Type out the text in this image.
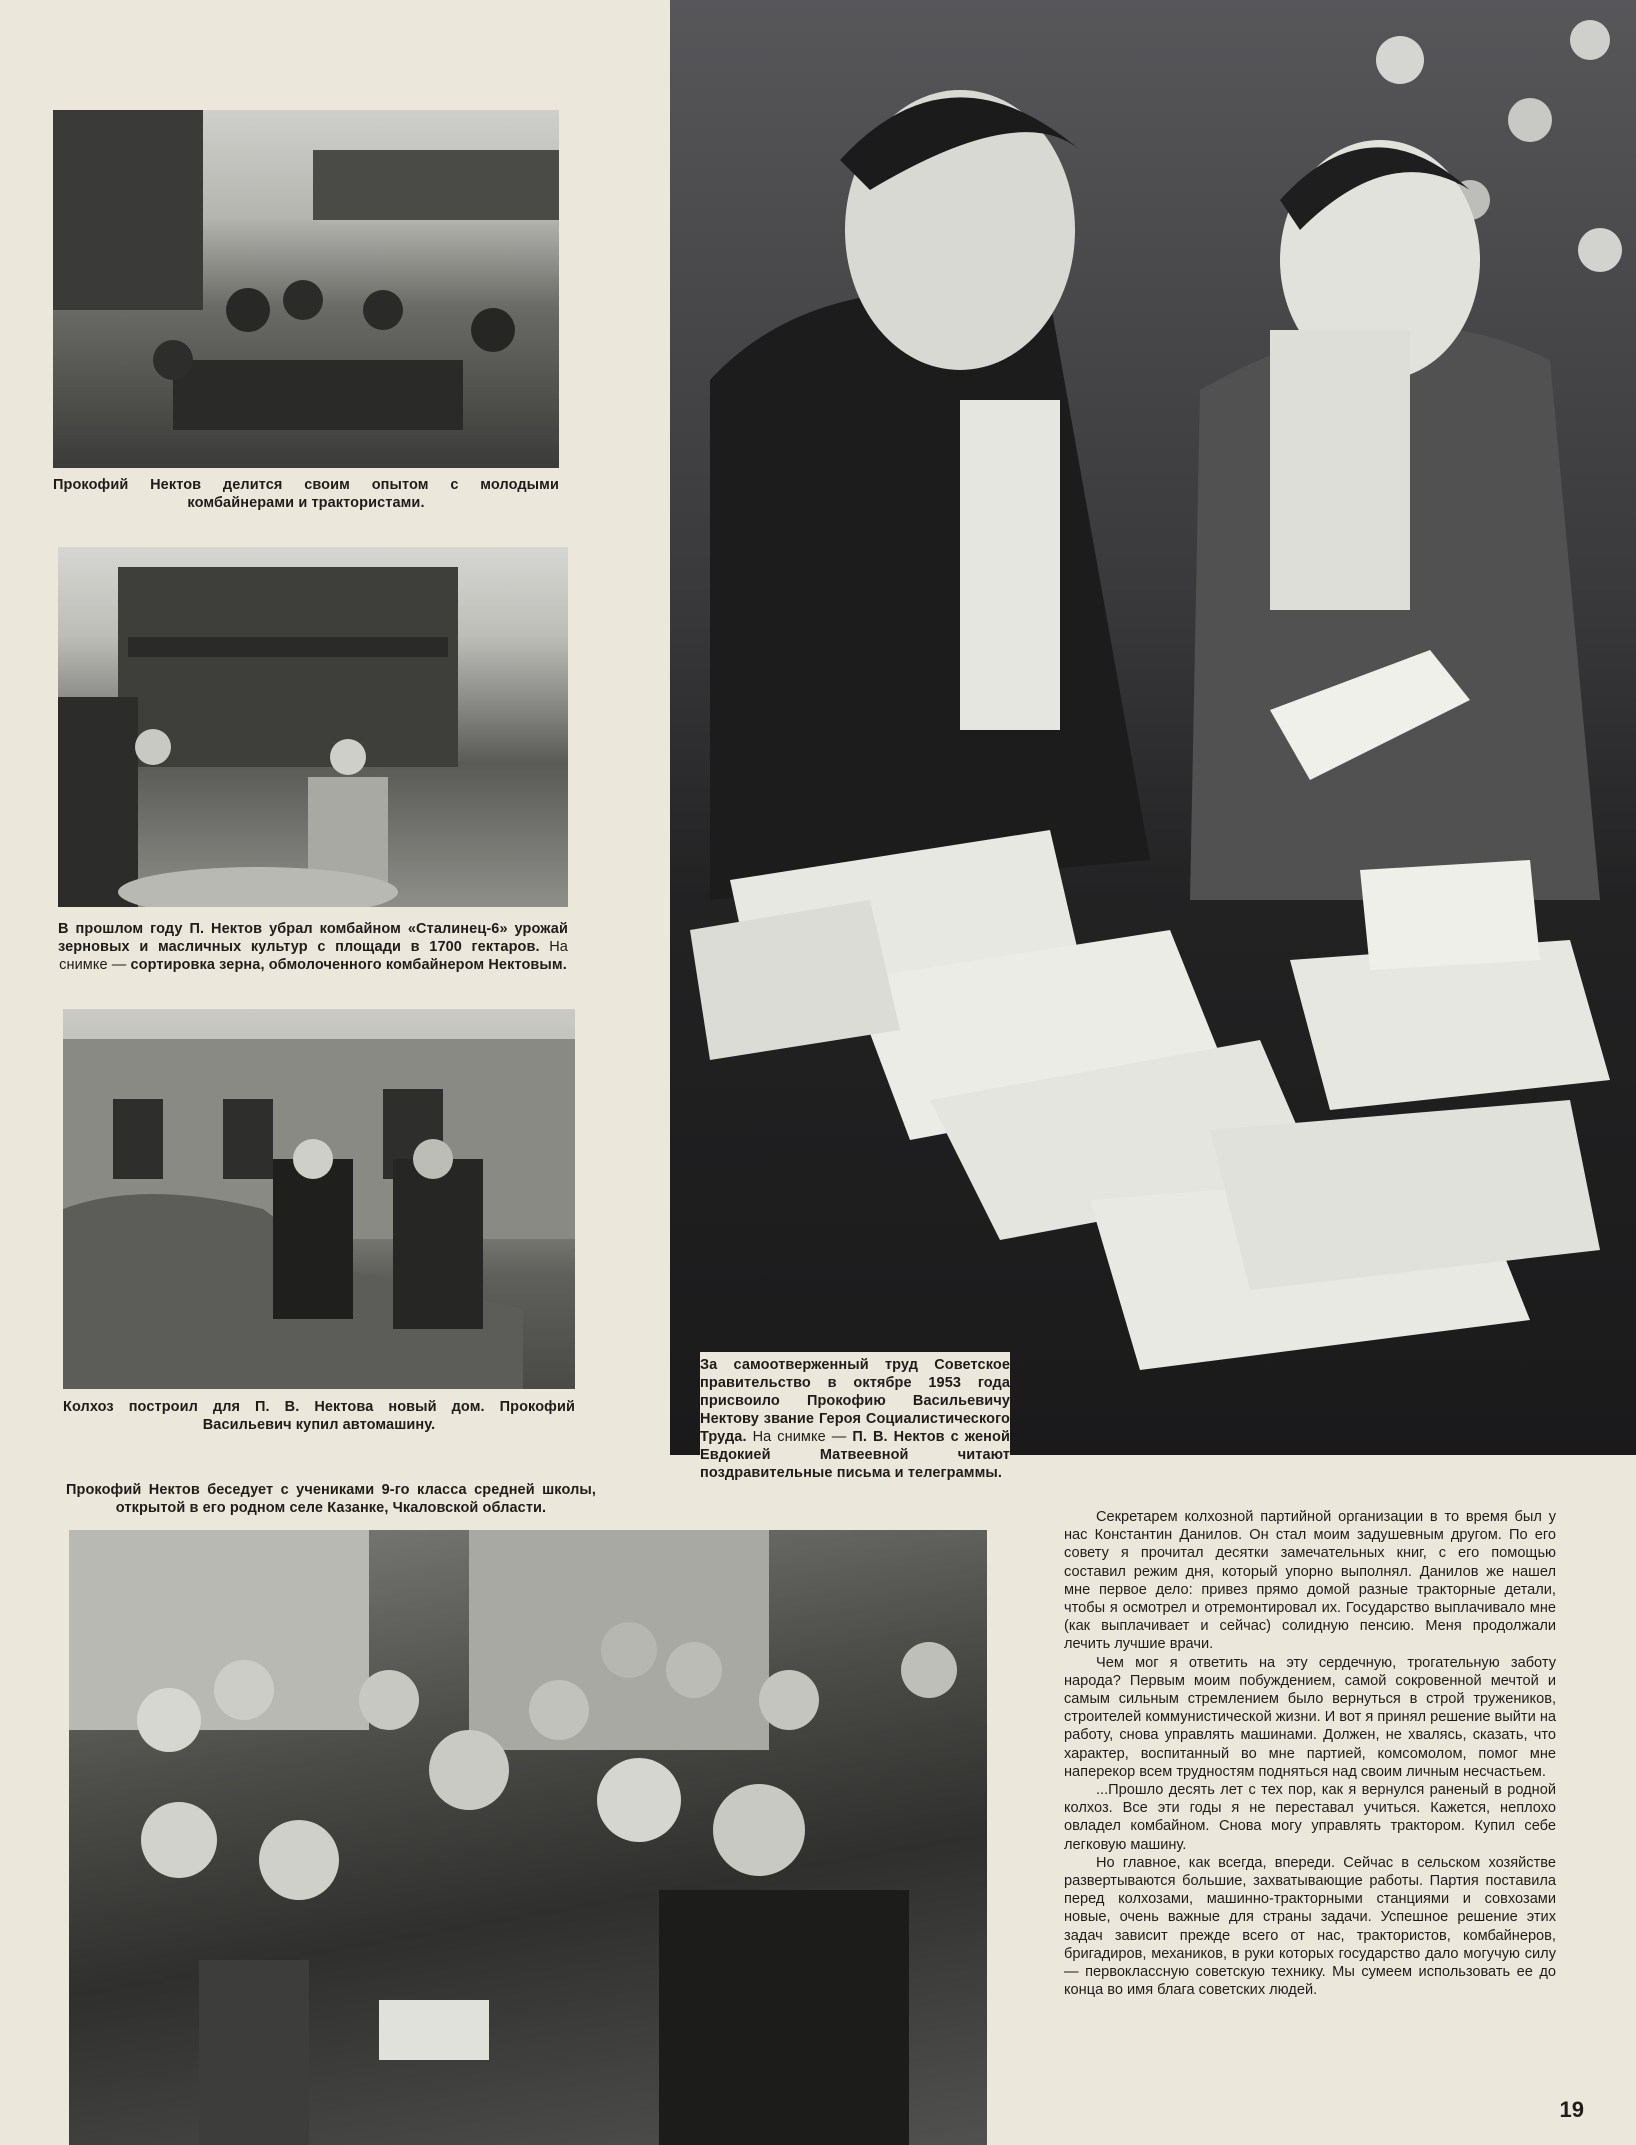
Прокофий Нектов делится своим опытом с молодыми комбайнерами и трактористами.
В прошлом году П. Нектов убрал комбайном «Сталинец-6» урожай зерновых и масличных культур с площади в 1700 гектаров. На снимке — сортировка зерна, обмолоченного комбайнером Нектовым.
Колхоз построил для П. В. Нектова новый дом. Прокофий Васильевич купил автомашину.
Прокофий Нектов беседует с учениками 9-го класса средней школы, открытой в его родном селе Казанке, Чкаловской области.
За самоотверженный труд Советское правительство в октябре 1953 года присвоило Прокофию Васильевичу Нектову звание Героя Социалистического Труда. На снимке — П. В. Нектов с женой Евдокией Матвеевной читают поздравительные письма и телеграммы.

Секретарем колхозной партийной организации в то время был у нас Константин Данилов. Он стал моим задушевным другом. По его совету я прочитал десятки замечательных книг, с его помощью составил режим дня, который упорно выполнял. Данилов же нашел мне первое дело: привез прямо домой разные тракторные детали, чтобы я осмотрел и отремонтировал их. Государство выплачивало мне (как выплачивает и сейчас) солидную пенсию. Меня продолжали лечить лучшие врачи.

Чем мог я ответить на эту сердечную, трогательную заботу народа? Первым моим побуждением, самой сокровенной мечтой и самым сильным стремлением было вернуться в строй тружеников, строителей коммунистической жизни. И вот я принял решение выйти на работу, снова управлять машинами. Должен, не хвалясь, сказать, что характер, воспитанный во мне партией, комсомолом, помог мне наперекор всем трудностям подняться над своим личным несчастьем.

...Прошло десять лет с тех пор, как я вернулся раненый в родной колхоз. Все эти годы я не переставал учиться. Кажется, неплохо овладел комбайном. Снова могу управлять трактором. Купил себе легковую машину.

Но главное, как всегда, впереди. Сейчас в сельском хозяйстве развертываются большие, захватывающие работы. Партия поставила перед колхозами, машинно-тракторными станциями и совхозами новые, очень важные для страны задачи. Успешное решение этих задач зависит прежде всего от нас, трактористов, комбайнеров, бригадиров, механиков, в руки которых государство дало могучую силу — первоклассную советскую технику. Мы сумеем использовать ее до конца во имя блага советских людей.

19
